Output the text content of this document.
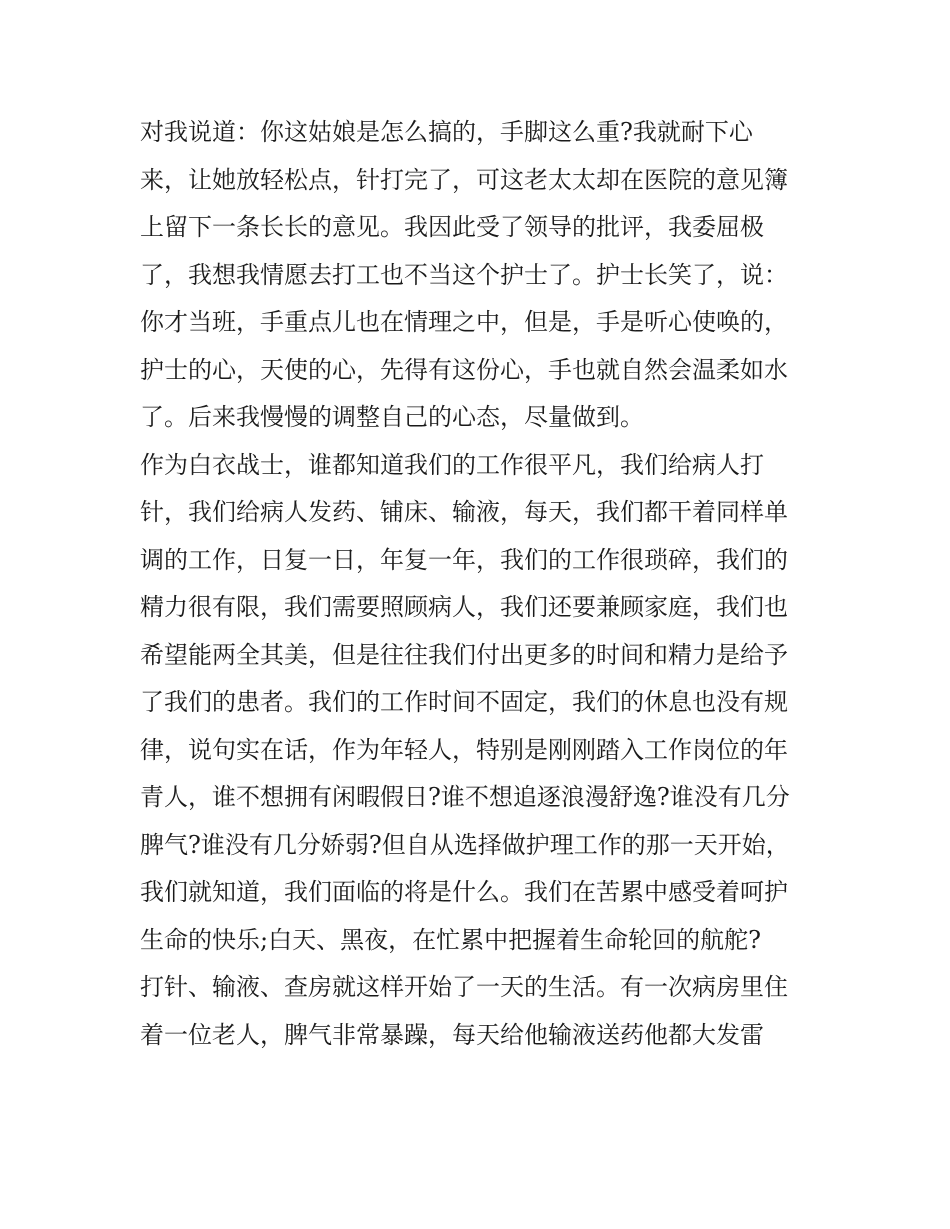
对我说道：你这姑娘是怎么搞的，手脚这么重?我就耐下心
来，让她放轻松点，针打完了，可这老太太却在医院的意见簿
上留下一条长长的意见。我因此受了领导的批评，我委屈极
了，我想我情愿去打工也不当这个护士了。护士长笑了，说：
你才当班，手重点儿也在情理之中，但是，手是听心使唤的，
护士的心，天使的心，先得有这份心，手也就自然会温柔如水
了。后来我慢慢的调整自己的心态，尽量做到。
作为白衣战士，谁都知道我们的工作很平凡，我们给病人打
针，我们给病人发药、铺床、输液，每天，我们都干着同样单
调的工作，日复一日，年复一年，我们的工作很琐碎，我们的
精力很有限，我们需要照顾病人，我们还要兼顾家庭，我们也
希望能两全其美，但是往往我们付出更多的时间和精力是给予
了我们的患者。我们的工作时间不固定，我们的休息也没有规
律，说句实在话，作为年轻人，特别是刚刚踏入工作岗位的年
青人，谁不想拥有闲暇假日?谁不想追逐浪漫舒逸?谁没有几分
脾气?谁没有几分娇弱?但自从选择做护理工作的那一天开始，
我们就知道，我们面临的将是什么。我们在苦累中感受着呵护
生命的快乐;白天、黑夜，在忙累中把握着生命轮回的航舵?
打针、输液、查房就这样开始了一天的生活。有一次病房里住
着一位老人，脾气非常暴躁，每天给他输液送药他都大发雷
